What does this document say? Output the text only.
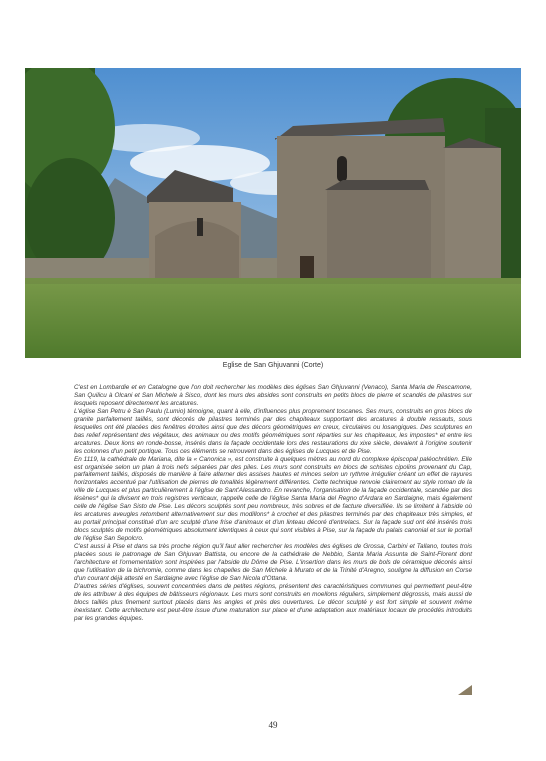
Eglise de San Ghjuvanni (Corte)

C'est en Lombardie et en Catalogne que l'on doit rechercher les modèles des églises San Ghjuvanni (Venaco), Santa Maria de Rescamone, San Quilicu à Olcani et San Michele à Sisco, dont les murs des absides sont construits en petits blocs de pierre et scandés de pilastres sur lesquels reposent directement les arcatures.

L'église San Petru è San Paulu (Lumio) témoigne, quant à elle, d'influences plus proprement toscanes. Ses murs, construits en gros blocs de granite parfaitement taillés, sont décorés de pilastres terminés par des chapiteaux supportant des arcatures à double ressauts, sous lesquelles ont été placées des fenêtres étroites ainsi que des décors géométriques en creux, circulaires ou losangiques. Des sculptures en bas relief représentant des végétaux, des animaux ou des motifs géométriques sont réparties sur les chapiteaux, les impostes* et entre les arcatures. Deux lions en ronde-bosse, insérés dans la façade occidentale lors des restaurations du xixe siècle, devaient à l'origine soutenir les colonnes d'un petit portique. Tous ces éléments se retrouvent dans des églises de Lucques et de Pise.

En 1119, la cathédrale de Mariana, dite la « Canonica », est construite à quelques mètres au nord du complexe épiscopal paléochrétien. Elle est organisée selon un plan à trois nefs séparées par des piles. Les murs sont construits en blocs de schistes cipolins provenant du Cap, parfaitement taillés, disposés de manière à faire alterner des assises hautes et minces selon un rythme irrégulier créant un effet de rayures horizontales accentué par l'utilisation de pierres de tonalités légèrement différentes. Cette technique renvoie clairement au style roman de la ville de Lucques et plus particulièrement à l'église de Sant'Alessandro. En revanche, l'organisation de la façade occidentale, scandée par des lésènes* qui la divisent en trois registres verticaux, rappelle celle de l'église Santa Maria del Regno d'Ardara en Sardaigne, mais également celle de l'église San Sisto de Pise. Les décors sculptés sont peu nombreux, très sobres et de facture diversifiée. Ils se limitent à l'abside où les arcatures aveugles retombent alternativement sur des modillons* à crochet et des pilastres terminés par des chapiteaux très simples, et au portail principal constitué d'un arc sculpté d'une frise d'animaux et d'un linteau décoré d'entrelacs. Sur la façade sud ont été insérés trois blocs sculptés de motifs géométriques absolument identiques à ceux qui sont visibles à Pise, sur la façade du palais canonial et sur le portail de l'église San Sepolcro.

C'est aussi à Pise et dans sa très proche région qu'il faut aller rechercher les modèles des églises de Grossa, Carbini et Tallano, toutes trois placées sous le patronage de San Ghjuvan Battista, ou encore de la cathédrale de Nebbio, Santa Maria Assunta de Saint-Florent dont l'architecture et l'ornementation sont inspirées par l'abside du Dôme de Pise. L'insertion dans les murs de bols de céramique décorés ainsi que l'utilisation de la bichromie, comme dans les chapelles de San Michele à Murato et de la Trinité d'Aregno, souligne la diffusion en Corse d'un courant déjà attesté en Sardaigne avec l'église de San Nicola d'Ottana.

D'autres séries d'églises, souvent concentrées dans de petites régions, présentent des caractéristiques communes qui permettent peut-être de les attribuer à des équipes de bâtisseurs régionaux. Les murs sont construits en moellons réguliers, simplement dégrossis, mais aussi de blocs taillés plus finement surtout placés dans les angles et près des ouvertures. Le décor sculpté y est fort simple et souvent même inexistant. Cette architecture est peut-être issue d'une maturation sur place et d'une adaptation aux matériaux locaux de procédés introduits par les grandes équipes.

49
